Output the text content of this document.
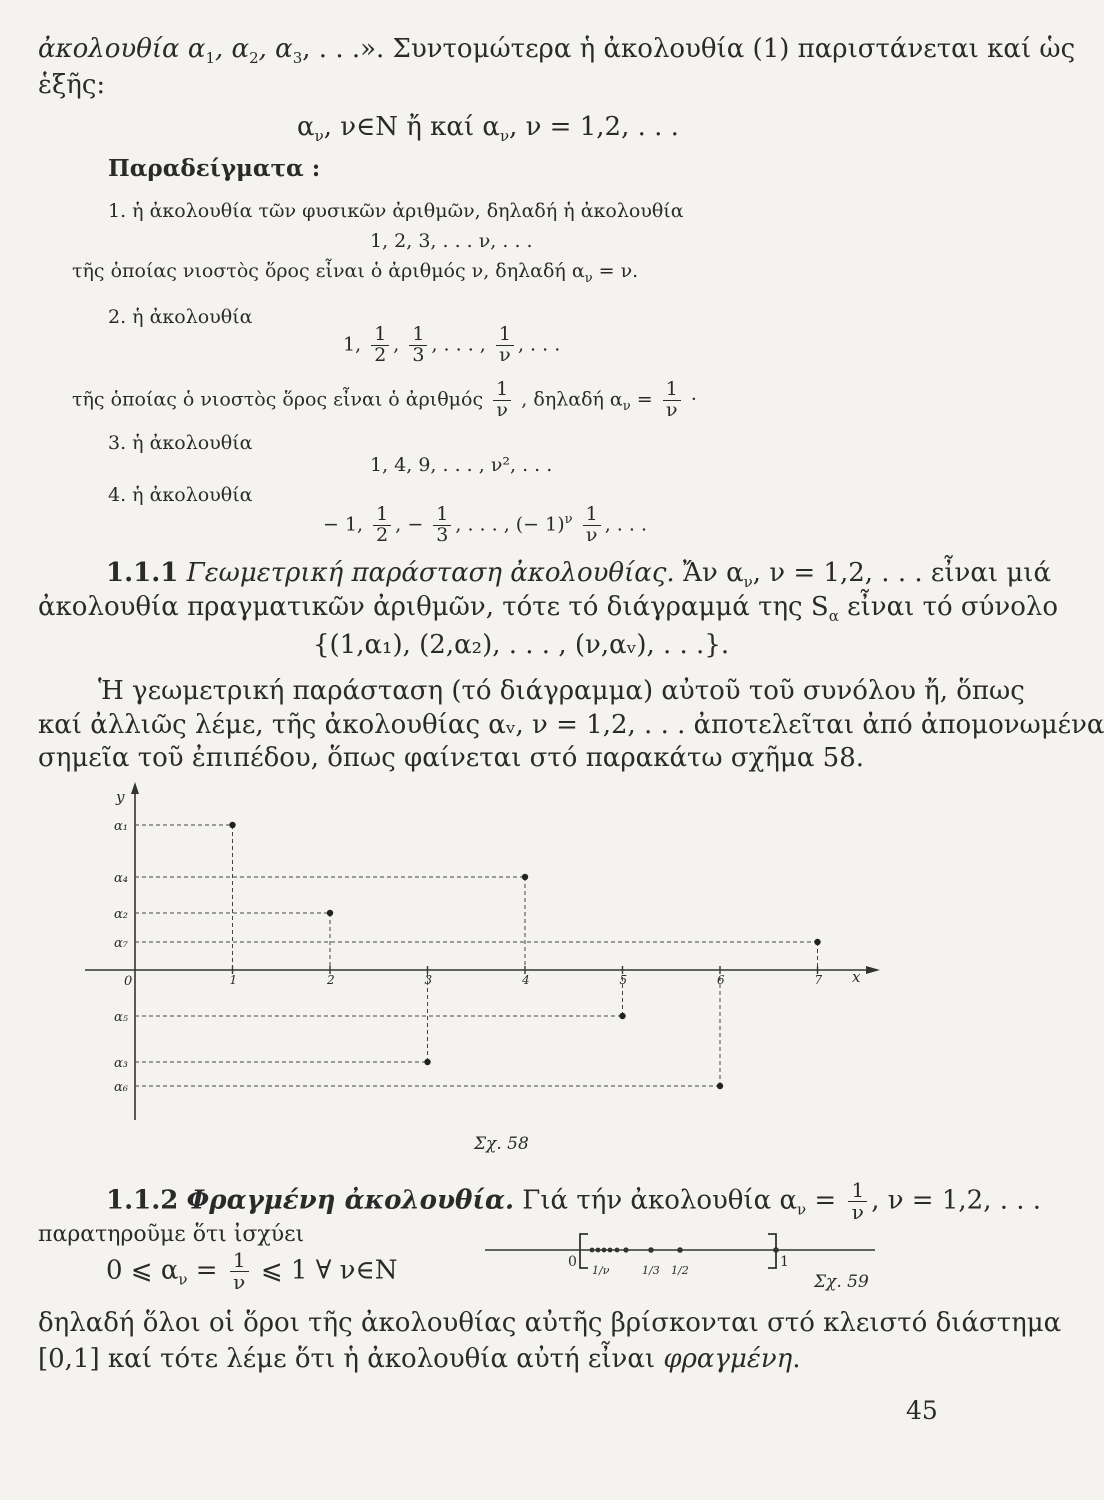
ἀκολουθία $\alpha_1$, $\alpha_2$, $\alpha_3$, . . .». Συντομώτερα ἡ ἀκολουθία (1) παριστάνεται καί ὡς
ἑξῆς:
$\alpha_\nu$, ν∈N ἤ καί $\alpha_\nu$, ν = 1,2, . . .
Παραδείγματα :
1. ἡ ἀκολουθία τῶν φυσικῶν ἀριθμῶν, δηλαδή ἡ ἀκολουθία
1, 2, 3, . . . ν, . . .
τῆς ὁποίας νιοστὸς ὅρος εἶναι ὁ ἀριθμός ν, δηλαδή $\alpha_\nu = \nu$.
2. ἡ ἀκολουθία
1, $\frac{1}{2}$ , $\frac{1}{3}$ , . . . , $\frac{1}{\nu}$ , . . .
τῆς ὁποίας ὁ νιοστὸς ὅρος εἶναι ὁ ἀριθμός $\frac{1}{\nu}$ , δηλαδή $\alpha_\nu = \frac{1}{\nu}$ ·
3. ἡ ἀκολουθία
1, 4, 9, . . . , ν², . . .
4. ἡ ἀκολουθία
− 1, $\frac{1}{2}$ , − $\frac{1}{3}$ , . . . , (− $1)^\nu \frac{1}{\nu}$ , . . .
1.1.1 Γεωμετρική παράσταση ἀκολουθίας. Ἄν $\alpha_\nu$, ν = 1,2, . . . εἶναι μιά
ἀκολουθία πραγματικῶν ἀριθμῶν, τότε τό διάγραμμά της $S_\alpha$ εἶναι τό σύνολο
{(1,α₁), (2,α₂), . . . , (ν,αᵥ), . . .}.
Ἡ γεωμετρική παράσταση (τό διάγραμμα) αὐτοῦ τοῦ συνόλου ἤ, ὅπως
καί ἀλλιῶς λέμε, τῆς ἀκολουθίας αᵥ, ν = 1,2, . . . ἀποτελεῖται ἀπό ἀπομονωμένα
σημεῖα τοῦ ἐπιπέδου, ὅπως φαίνεται στό παρακάτω σχῆμα 58.
y
x
0	1	2	3	4	5	6	7
α₁
α₂
α₃
α₄
α₅
α₆
α₇
Σχ. 58
1.1.2 Φραγμένη ἀκολουθία. Γιά τήν ἀκολουθία $\alpha_\nu = \frac{1}{\nu}$ , ν = 1,2, . . .
παρατηροῦμε ὅτι ἰσχύει
0 ⩽ $\alpha_\nu = \frac{1}{\nu}$ ⩽ 1 ∀ ν∈N	0	1
1/ν	1/3 1/2
Σχ. 59
δηλαδή ὅλοι οἱ ὅροι τῆς ἀκολουθίας αὐτῆς βρίσκονται στό κλειστό διάστημα
[0,1] καί τότε λέμε ὅτι ἡ ἀκολουθία αὐτή εἶναι φραγμένη.
45
